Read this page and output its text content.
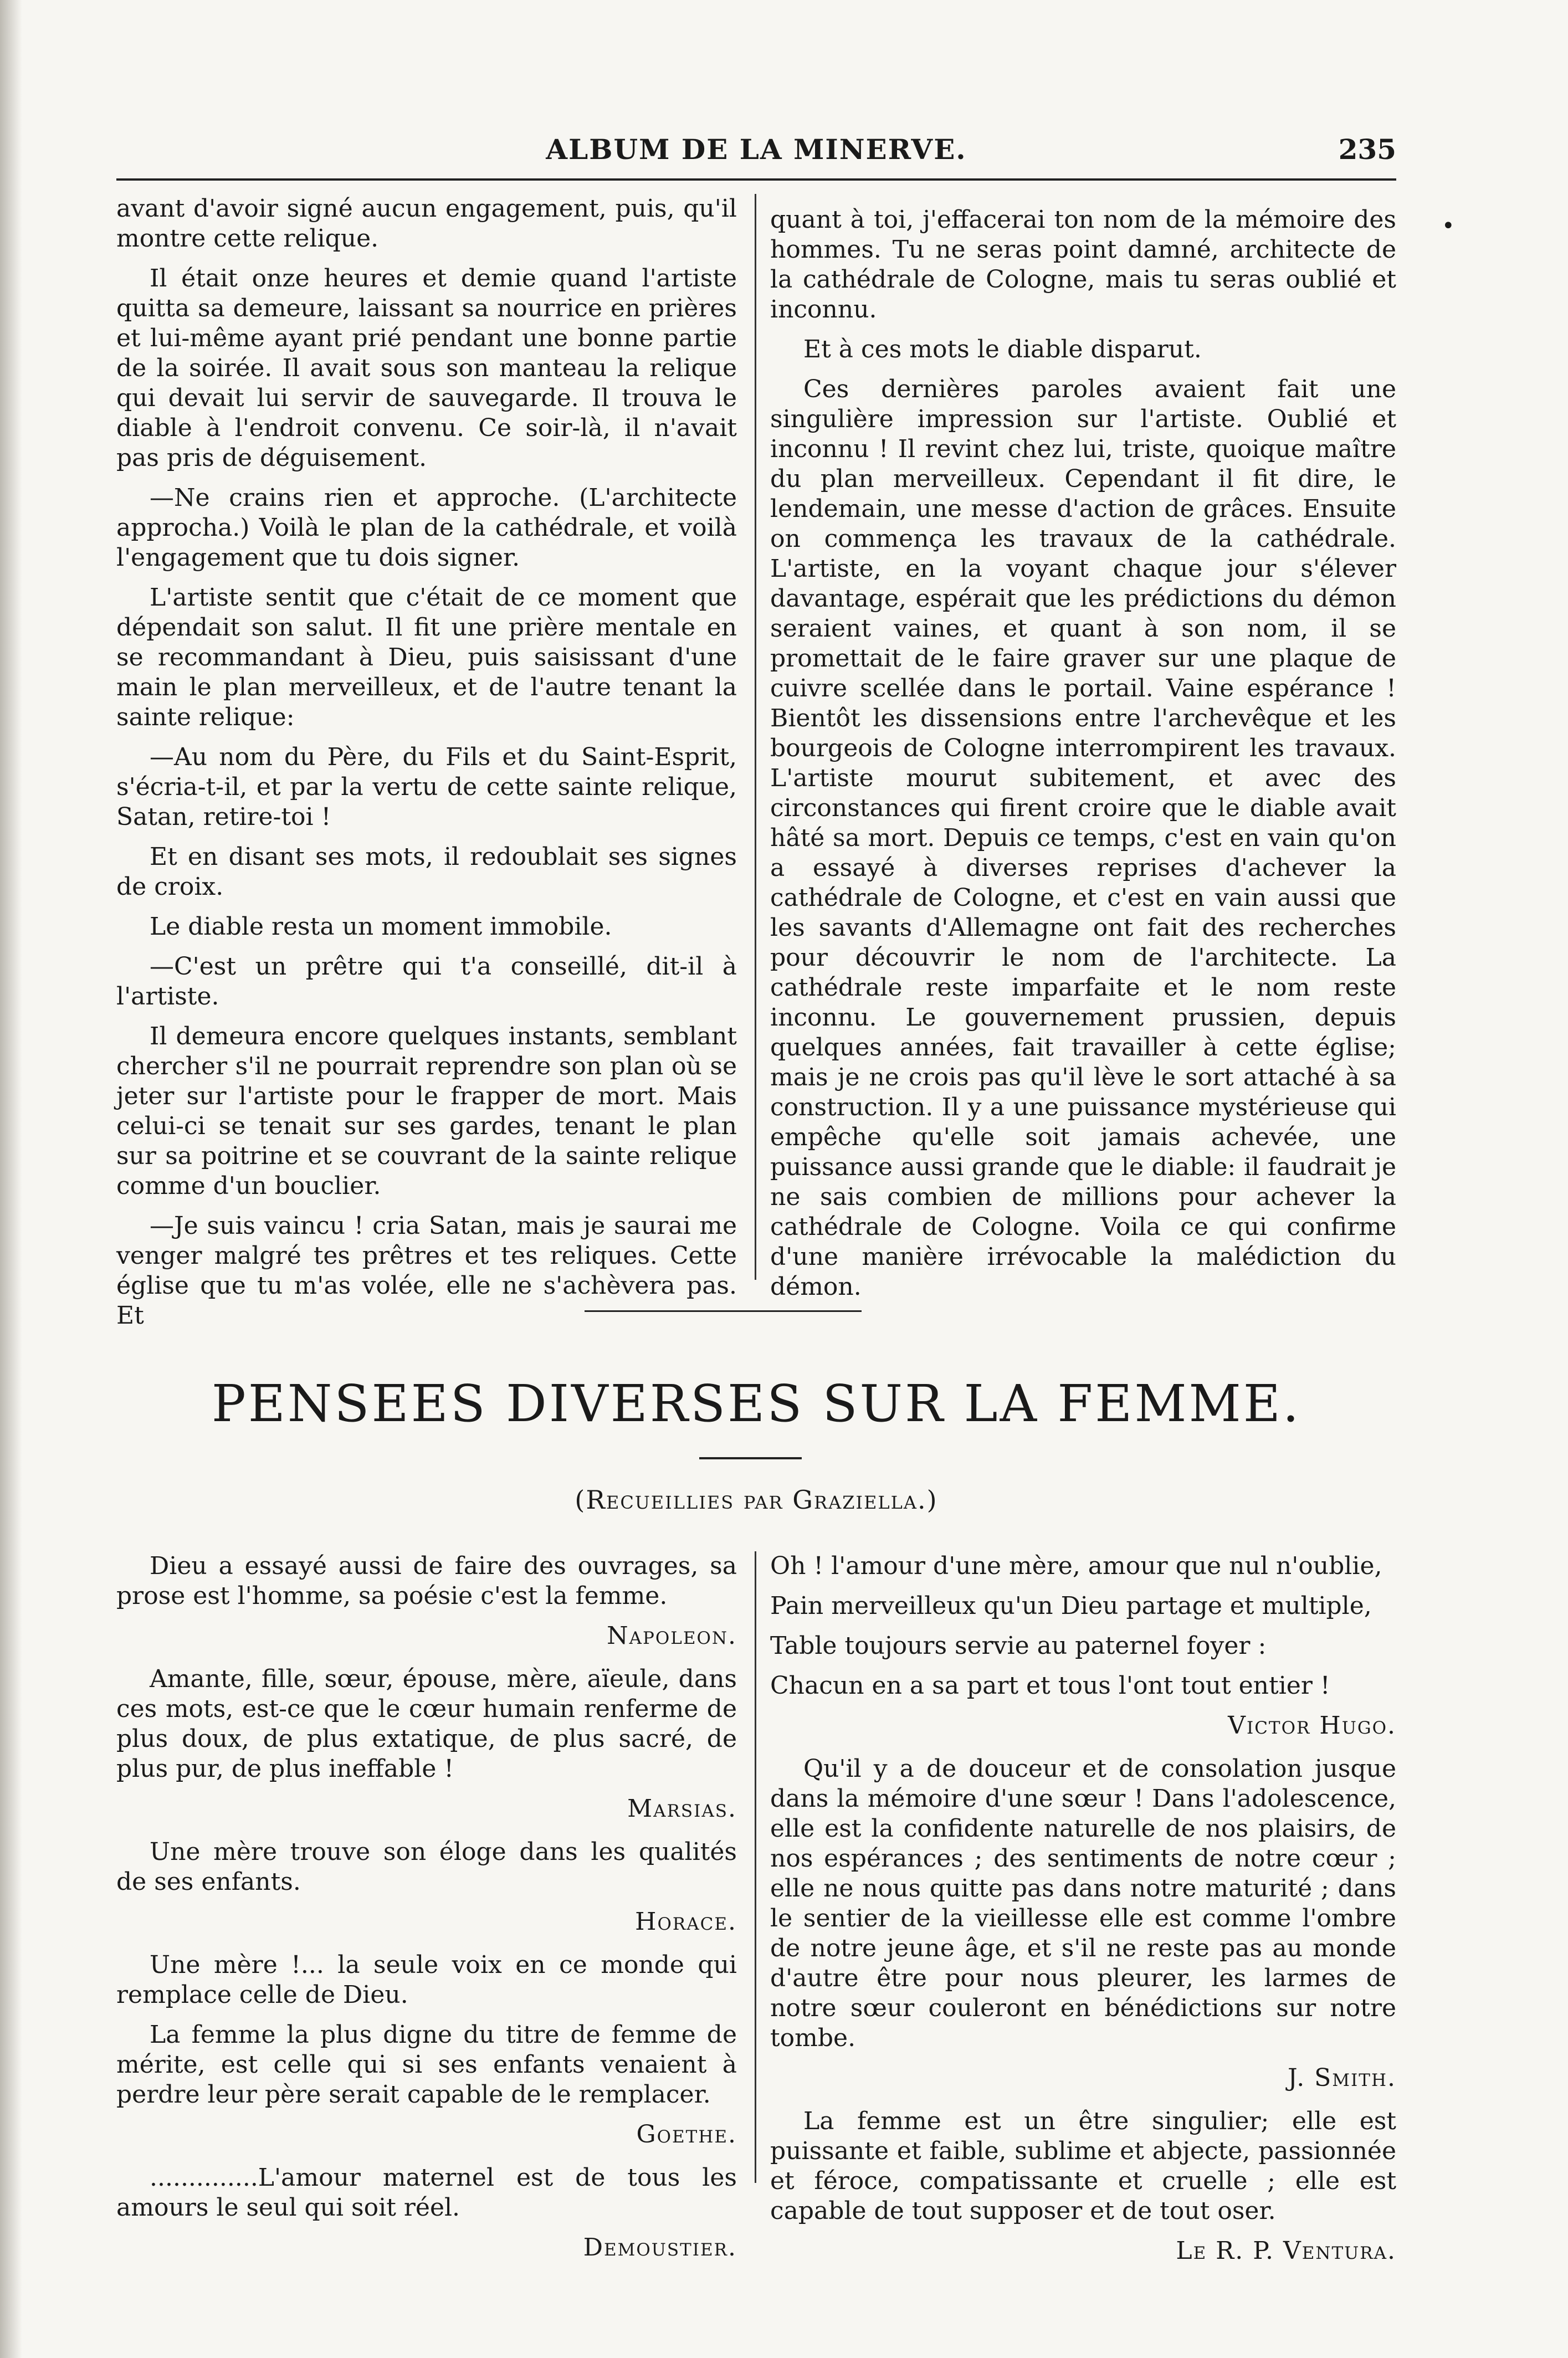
•
ALBUM DE LA MINERVE.	235

avant d'avoir signé aucun engagement, puis, qu'il montre cette relique.

Il était onze heures et demie quand l'artiste quitta sa demeure, laissant sa nourrice en prières et lui-même ayant prié pendant une bonne partie de la soirée. Il avait sous son manteau la relique qui devait lui servir de sauvegarde. Il trouva le diable à l'endroit convenu. Ce soir-là, il n'avait pas pris de déguisement.

—Ne crains rien et approche. (L'architecte approcha.) Voilà le plan de la cathédrale, et voilà l'engagement que tu dois signer.

L'artiste sentit que c'était de ce moment que dépendait son salut. Il fit une prière mentale en se recommandant à Dieu, puis saisissant d'une main le plan merveilleux, et de l'autre tenant la sainte relique:

—Au nom du Père, du Fils et du Saint-Esprit, s'écria-t-il, et par la vertu de cette sainte relique, Satan, retire-toi !

Et en disant ses mots, il redoublait ses signes de croix.

Le diable resta un moment immobile.

—C'est un prêtre qui t'a conseillé, dit-il à l'artiste.

Il demeura encore quelques instants, semblant chercher s'il ne pourrait reprendre son plan où se jeter sur l'artiste pour le frapper de mort. Mais celui-ci se tenait sur ses gardes, tenant le plan sur sa poitrine et se couvrant de la sainte relique comme d'un bouclier.

—Je suis vaincu ! cria Satan, mais je saurai me venger malgré tes prêtres et tes reliques. Cette église que tu m'as volée, elle ne s'achèvera pas. Et

quant à toi, j'effacerai ton nom de la mémoire des hommes. Tu ne seras point damné, architecte de la cathédrale de Cologne, mais tu seras oublié et inconnu.

Et à ces mots le diable disparut.

Ces dernières paroles avaient fait une singulière impression sur l'artiste. Oublié et inconnu ! Il revint chez lui, triste, quoique maître du plan merveilleux. Cependant il fit dire, le lendemain, une messe d'action de grâces. Ensuite on commença les travaux de la cathédrale. L'artiste, en la voyant chaque jour s'élever davantage, espérait que les prédictions du démon seraient vaines, et quant à son nom, il se promettait de le faire graver sur une plaque de cuivre scellée dans le portail. Vaine espérance ! Bientôt les dissensions entre l'archevêque et les bourgeois de Cologne interrompirent les travaux. L'artiste mourut subitement, et avec des circonstances qui firent croire que le diable avait hâté sa mort. Depuis ce temps, c'est en vain qu'on a essayé à diverses reprises d'achever la cathédrale de Cologne, et c'est en vain aussi que les savants d'Allemagne ont fait des recherches pour découvrir le nom de l'architecte. La cathédrale reste imparfaite et le nom reste inconnu. Le gouvernement prussien, depuis quelques années, fait travailler à cette église; mais je ne crois pas qu'il lève le sort attaché à sa construction. Il y a une puissance mystérieuse qui empêche qu'elle soit jamais achevée, une puissance aussi grande que le diable: il faudrait je ne sais combien de millions pour achever la cathédrale de Cologne. Voila ce qui confirme d'une manière irrévocable la malédiction du démon.

PENSEES DIVERSES SUR LA FEMME.
(Recueillies par Graziella.)

Dieu a essayé aussi de faire des ouvrages, sa prose est l'homme, sa poésie c'est la femme.

Napoleon.

Amante, fille, sœur, épouse, mère, aïeule, dans ces mots, est-ce que le cœur humain renferme de plus doux, de plus extatique, de plus sacré, de plus pur, de plus ineffable !

Marsias.

Une mère trouve son éloge dans les qualités de ses enfants.

Horace.

Une mère !... la seule voix en ce monde qui remplace celle de Dieu.

La femme la plus digne du titre de femme de mérite, est celle qui si ses enfants venaient à perdre leur père serait capable de le remplacer.

Goethe.

..............L'amour maternel est de tous les amours le seul qui soit réel.

Demoustier.

Oh ! l'amour d'une mère, amour que nul n'oublie,

Pain merveilleux qu'un Dieu partage et multiple,

Table toujours servie au paternel foyer :

Chacun en a sa part et tous l'ont tout entier !

Victor Hugo.

Qu'il y a de douceur et de consolation jusque dans la mémoire d'une sœur ! Dans l'adolescence, elle est la confidente naturelle de nos plaisirs, de nos espérances ; des sentiments de notre cœur ; elle ne nous quitte pas dans notre maturité ; dans le sentier de la vieillesse elle est comme l'ombre de notre jeune âge, et s'il ne reste pas au monde d'autre être pour nous pleurer, les larmes de notre sœur couleront en bénédictions sur notre tombe.

J. Smith.

La femme est un être singulier; elle est puissante et faible, sublime et abjecte, passionnée et féroce, compatissante et cruelle ; elle est capable de tout supposer et de tout oser.

Le R. P. Ventura.
